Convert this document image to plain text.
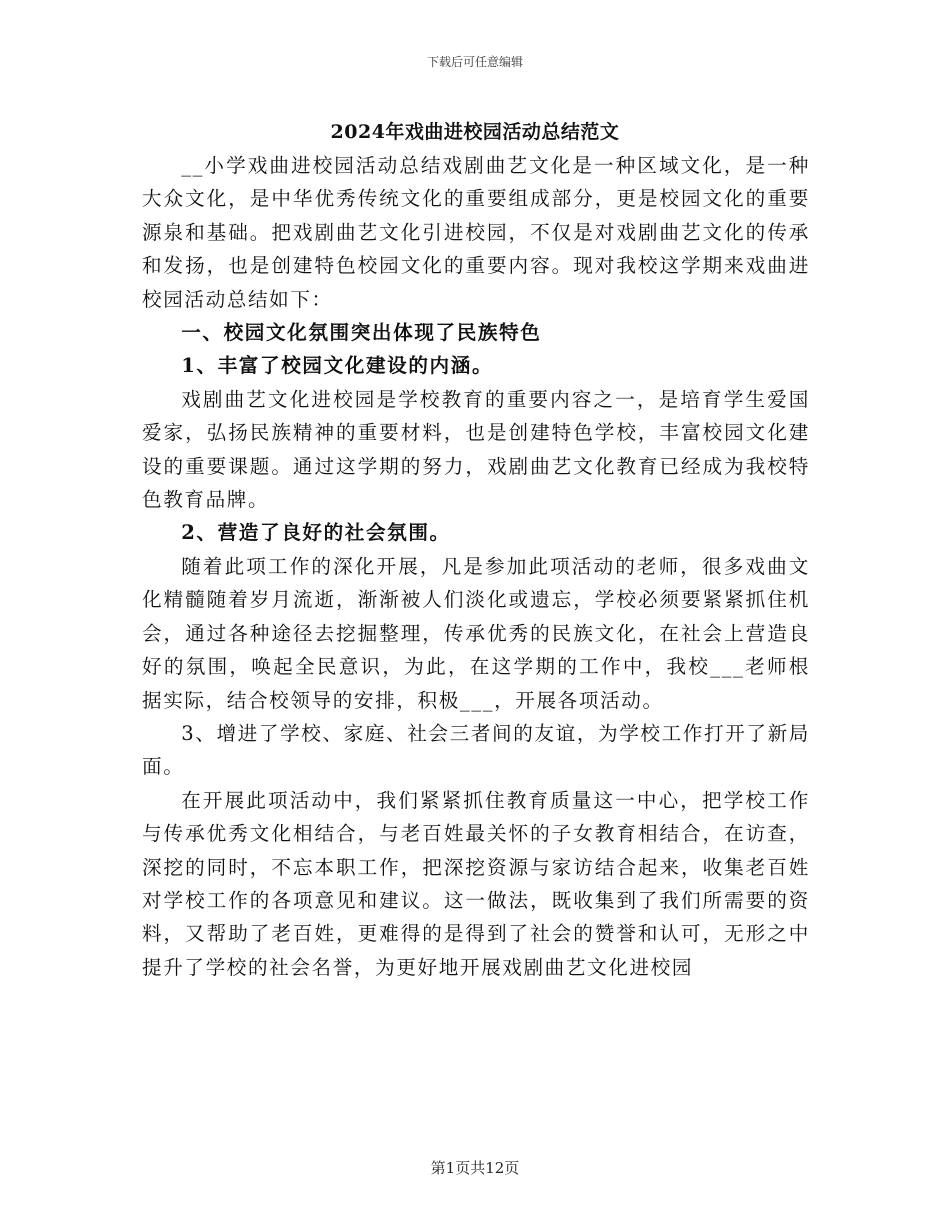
下载后可任意编辑
2024年戏曲进校园活动总结范文

__小学戏曲进校园活动总结戏剧曲艺文化是一种区域文化，是一种大众文化，是中华优秀传统文化的重要组成部分，更是校园文化的重要源泉和基础。把戏剧曲艺文化引进校园，不仅是对戏剧曲艺文化的传承和发扬，也是创建特色校园文化的重要内容。现对我校这学期来戏曲进校园活动总结如下：

一、校园文化氛围突出体现了民族特色

1、丰富了校园文化建设的内涵。

戏剧曲艺文化进校园是学校教育的重要内容之一，是培育学生爱国爱家，弘扬民族精神的重要材料，也是创建特色学校，丰富校园文化建设的重要课题。通过这学期的努力，戏剧曲艺文化教育已经成为我校特色教育品牌。

2、营造了良好的社会氛围。

随着此项工作的深化开展，凡是参加此项活动的老师，很多戏曲文化精髓随着岁月流逝，渐渐被人们淡化或遗忘，学校必须要紧紧抓住机会，通过各种途径去挖掘整理，传承优秀的民族文化，在社会上营造良好的氛围，唤起全民意识，为此，在这学期的工作中，我校___老师根据实际，结合校领导的安排，积极___，开展各项活动。

3、增进了学校、家庭、社会三者间的友谊，为学校工作打开了新局面。

在开展此项活动中，我们紧紧抓住教育质量这一中心，把学校工作与传承优秀文化相结合，与老百姓最关怀的子女教育相结合，在访查，深挖的同时，不忘本职工作，把深挖资源与家访结合起来，收集老百姓对学校工作的各项意见和建议。这一做法，既收集到了我们所需要的资料，又帮助了老百姓，更难得的是得到了社会的赞誉和认可，无形之中提升了学校的社会名誉，为更好地开展戏剧曲艺文化进校园

第1页共12页
